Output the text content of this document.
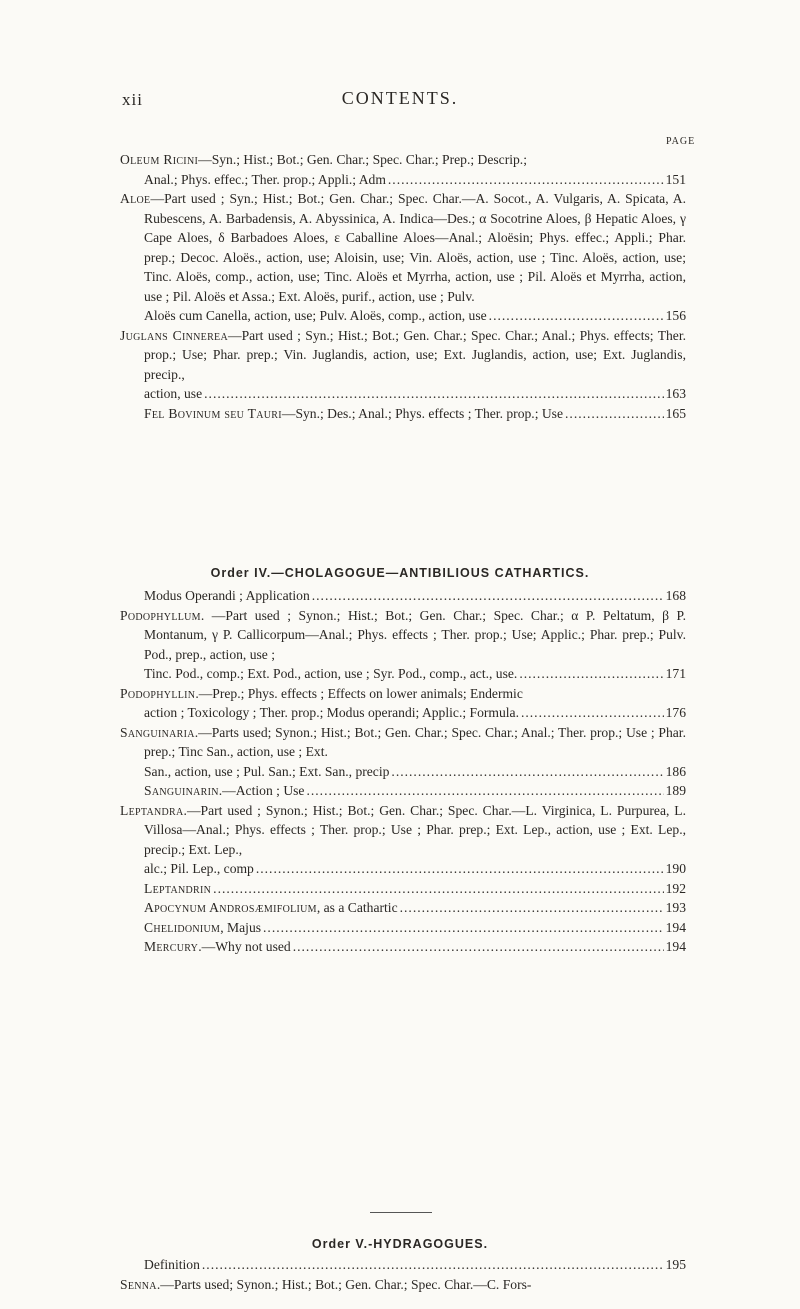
xii	CONTENTS.
PAGE
Oleum Ricini—Syn.; Hist.; Bot.; Gen. Char.; Spec. Char.; Prep.; Descrip.;
Anal.; Phys. effec.; Ther. prop.; Appli.; Adm .....	151
Aloe—Part used ; Syn.; Hist.; Bot.; Gen. Char.; Spec. Char.—A. Socot., A. Vulgaris, A. Spicata, A. Rubescens, A. Barbadensis, A. Abyssinica, A. Indica—Des.; α Socotrine Aloes, β Hepatic Aloes, γ Cape Aloes, δ Barbadoes Aloes, ε Caballine Aloes—Anal.; Aloësin; Phys. effec.; Appli.; Phar. prep.; Decoc. Aloës., action, use; Aloisin, use; Vin. Aloës, action, use ; Tinc. Aloës, action, use; Tinc. Aloës, comp., action, use; Tinc. Aloës et Myrrha, action, use ; Pil. Aloës et Myrrha, action, use ; Pil. Aloës et Assa.; Ext. Aloës, purif., action, use ; Pulv.
Aloës cum Canella, action, use; Pulv. Aloës, comp., action, use .....	156
Juglans Cinnerea—Part used ; Syn.; Hist.; Bot.; Gen. Char.; Spec. Char.; Anal.; Phys. effects; Ther. prop.; Use; Phar. prep.; Vin. Juglandis, action, use; Ext. Juglandis, action, use; Ext. Juglandis, precip.,
action, use .....	163
Fel Bovinum seu Tauri—Syn.; Des.; Anal.; Phys. effects ; Ther. prop.; Use .....	165
Order IV.—CHOLAGOGUE—ANTIBILIOUS CATHARTICS.
Modus Operandi ; Application .....	168
Podophyllum. —Part used ; Synon.; Hist.; Bot.; Gen. Char.; Spec. Char.; α P. Peltatum, β P. Montanum, γ P. Callicorpum—Anal.; Phys. effects ; Ther. prop.; Use; Applic.; Phar. prep.; Pulv. Pod., prep., action, use ;
Tinc. Pod., comp.; Ext. Pod., action, use ; Syr. Pod., comp., act., use. .....	171
Podophyllin.—Prep.; Phys. effects ; Effects on lower animals; Endermic
action ; Toxicology ; Ther. prop.; Modus operandi; Applic.; Formula. .....	176
Sanguinaria.—Parts used; Synon.; Hist.; Bot.; Gen. Char.; Spec. Char.; Anal.; Ther. prop.; Use ; Phar. prep.; Tinc San., action, use ; Ext.
San., action, use ; Pul. San.; Ext. San., precip .....	186
Sanguinarin.—Action ; Use .....	189
Leptandra.—Part used ; Synon.; Hist.; Bot.; Gen. Char.; Spec. Char.—L. Virginica, L. Purpurea, L. Villosa—Anal.; Phys. effects ; Ther. prop.; Use ; Phar. prep.; Ext. Lep., action, use ; Ext. Lep., precip.; Ext. Lep.,
alc.; Pil. Lep., comp .....	190
Leptandrin .....	192
Apocynum Androsæmifolium, as a Cathartic .....	193
Chelidonium, Majus .....	194
Mercury.—Why not used .....	194
Order V.-HYDRAGOGUES.
Definition .....	195
Senna.—Parts used; Synon.; Hist.; Bot.; Gen. Char.; Spec. Char.—C. Fors-
